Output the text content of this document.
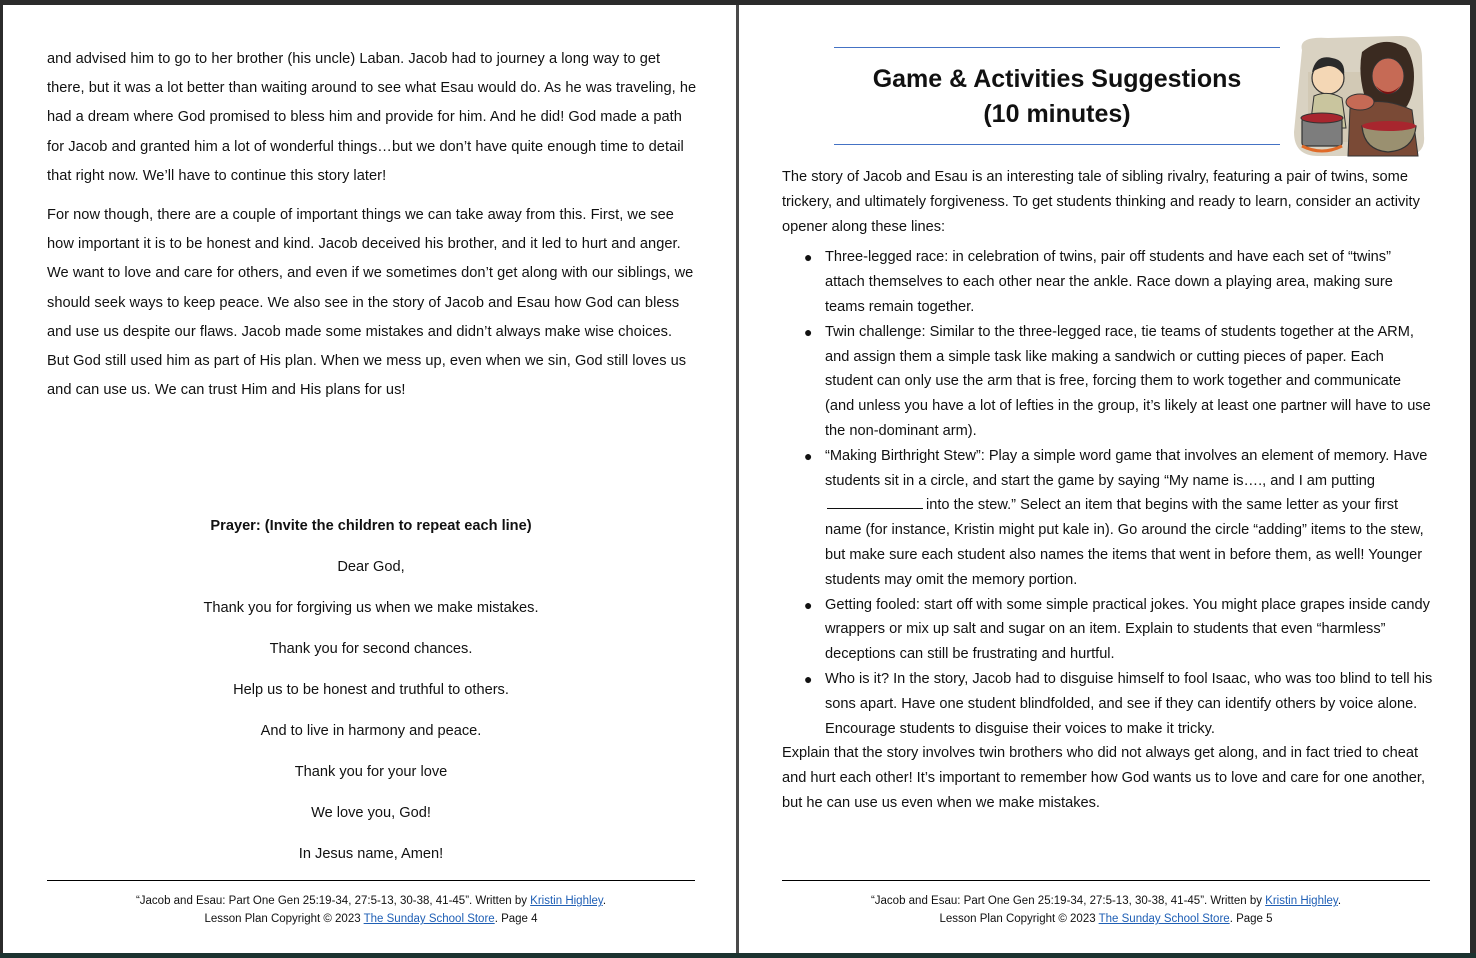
and advised him to go to her brother (his uncle) Laban. Jacob had to journey a long way to get there, but it was a lot better than waiting around to see what Esau would do. As he was traveling, he had a dream where God promised to bless him and provide for him. And he did! God made a path for Jacob and granted him a lot of wonderful things…but we don’t have quite enough time to detail that right now. We’ll have to continue this story later!

For now though, there are a couple of important things we can take away from this. First, we see how important it is to be honest and kind. Jacob deceived his brother, and it led to hurt and anger. We want to love and care for others, and even if we sometimes don’t get along with our siblings, we should seek ways to keep peace. We also see in the story of Jacob and Esau how God can bless and use us despite our flaws. Jacob made some mistakes and didn’t always make wise choices. But God still used him as part of His plan. When we mess up, even when we sin, God still loves us and can use us. We can trust Him and His plans for us!

Prayer: (Invite the children to repeat each line)

Dear God,

Thank you for forgiving us when we make mistakes.

Thank you for second chances.

Help us to be honest and truthful to others.

And to live in harmony and peace.

Thank you for your love

We love you, God!

In Jesus name, Amen!

“Jacob and Esau: Part One Gen 25:19-34, 27:5-13, 30-38, 41-45”. Written by Kristin Highley.
Lesson Plan Copyright © 2023 The Sunday School Store. Page 4
Game & Activities Suggestions
(10 minutes)

The story of Jacob and Esau is an interesting tale of sibling rivalry, featuring a pair of twins, some trickery, and ultimately forgiveness. To get students thinking and ready to learn, consider an activity opener along these lines:

● Three-legged race: in celebration of twins, pair off students and have each set of “twins” attach themselves to each other near the ankle. Race down a playing area, making sure teams remain together.
● Twin challenge: Similar to the three-legged race, tie teams of students together at the ARM, and assign them a simple task like making a sandwich or cutting pieces of paper. Each student can only use the arm that is free, forcing them to work together and communicate (and unless you have a lot of lefties in the group, it’s likely at least one partner will have to use the non-dominant arm).
● “Making Birthright Stew”: Play a simple word game that involves an element of memory. Have students sit in a circle, and start the game by saying “My name is…., and I am puttinginto the stew.” Select an item that begins with the same letter as your first name (for instance, Kristin might put kale in). Go around the circle “adding” items to the stew, but make sure each student also names the items that went in before them, as well! Younger students may omit the memory portion.
● Getting fooled: start off with some simple practical jokes. You might place grapes inside candy wrappers or mix up salt and sugar on an item. Explain to students that even “harmless” deceptions can still be frustrating and hurtful.
● Who is it? In the story, Jacob had to disguise himself to fool Isaac, who was too blind to tell his sons apart. Have one student blindfolded, and see if they can identify others by voice alone. Encourage students to disguise their voices to make it tricky.

Explain that the story involves twin brothers who did not always get along, and in fact tried to cheat and hurt each other! It’s important to remember how God wants us to love and care for one another, but he can use us even when we make mistakes.

“Jacob and Esau: Part One Gen 25:19-34, 27:5-13, 30-38, 41-45”. Written by Kristin Highley.
Lesson Plan Copyright © 2023 The Sunday School Store. Page 5
